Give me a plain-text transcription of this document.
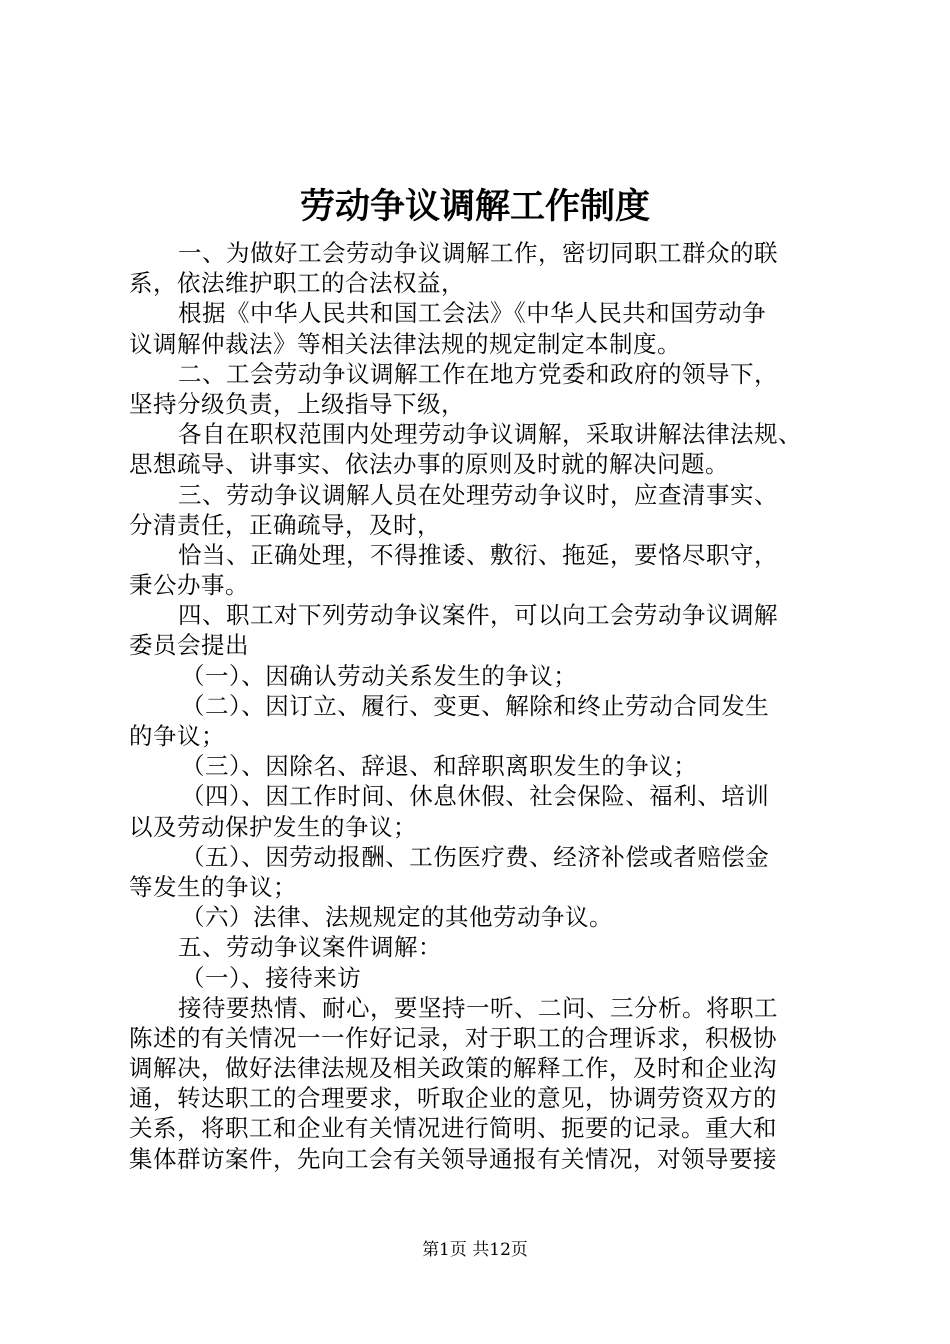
劳动争议调解工作制度
一、为做好工会劳动争议调解工作，密切同职工群众的联
系，依法维护职工的合法权益，
根据《中华人民共和国工会法》《中华人民共和国劳动争
议调解仲裁法》等相关法律法规的规定制定本制度。
二、工会劳动争议调解工作在地方党委和政府的领导下，
坚持分级负责，上级指导下级，
各自在职权范围内处理劳动争议调解，采取讲解法律法规、
思想疏导、讲事实、依法办事的原则及时就的解决问题。
三、劳动争议调解人员在处理劳动争议时，应查清事实、
分清责任，正确疏导，及时，
恰当、正确处理，不得推诿、敷衍、拖延，要恪尽职守，
秉公办事。
四、职工对下列劳动争议案件，可以向工会劳动争议调解
委员会提出
（一）、因确认劳动关系发生的争议；
（二）、因订立、履行、变更、解除和终止劳动合同发生
的争议；
（三）、因除名、辞退、和辞职离职发生的争议；
（四）、因工作时间、休息休假、社会保险、福利、培训
以及劳动保护发生的争议；
（五）、因劳动报酬、工伤医疗费、经济补偿或者赔偿金
等发生的争议；
（六）法律、法规规定的其他劳动争议。
五、劳动争议案件调解：
（一）、接待来访
接待要热情、耐心，要坚持一听、二问、三分析。将职工
陈述的有关情况一一作好记录，对于职工的合理诉求，积极协
调解决，做好法律法规及相关政策的解释工作，及时和企业沟
通，转达职工的合理要求，听取企业的意见，协调劳资双方的
关系，将职工和企业有关情况进行简明、扼要的记录。重大和
集体群访案件，先向工会有关领导通报有关情况，对领导要接
第1页 共12页
